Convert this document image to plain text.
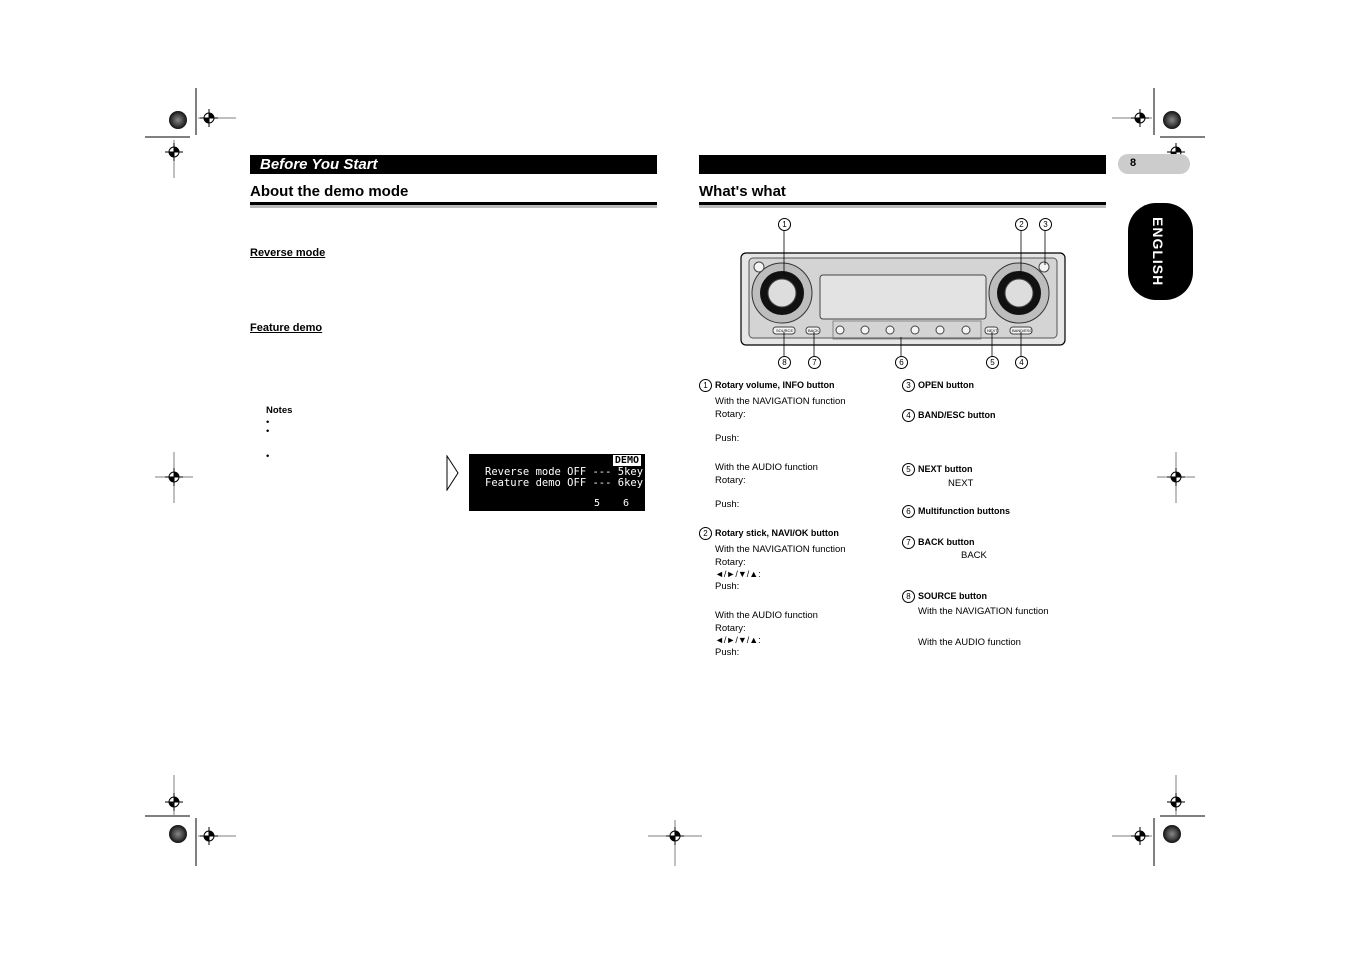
Before You Start
About the demo mode
Reverse mode
Feature demo
Notes
•
•
•	DEMO
Reverse mode OFF --- 5key
Feature demo OFF --- 6key
5 6
8
What's what
ENGLISH
SOURCE	BACK	NEXT	BAND/ESC
1	2	3
8	7	6	5	4
1 Rotary volume, INFO button
With the NAVIGATION function
Rotary:
Push:
With the AUDIO function
Rotary:
Push:
2 Rotary stick, NAVI/OK button
With the NAVIGATION function
Rotary:
◄/►/▼/▲:
Push:
With the AUDIO function
Rotary:
◄/►/▼/▲:
Push:
3 OPEN button
4 BAND/ESC button
5 NEXT button
NEXT
6 Multifunction buttons
7 BACK button
BACK
8 SOURCE button
With the NAVIGATION function
With the AUDIO function
